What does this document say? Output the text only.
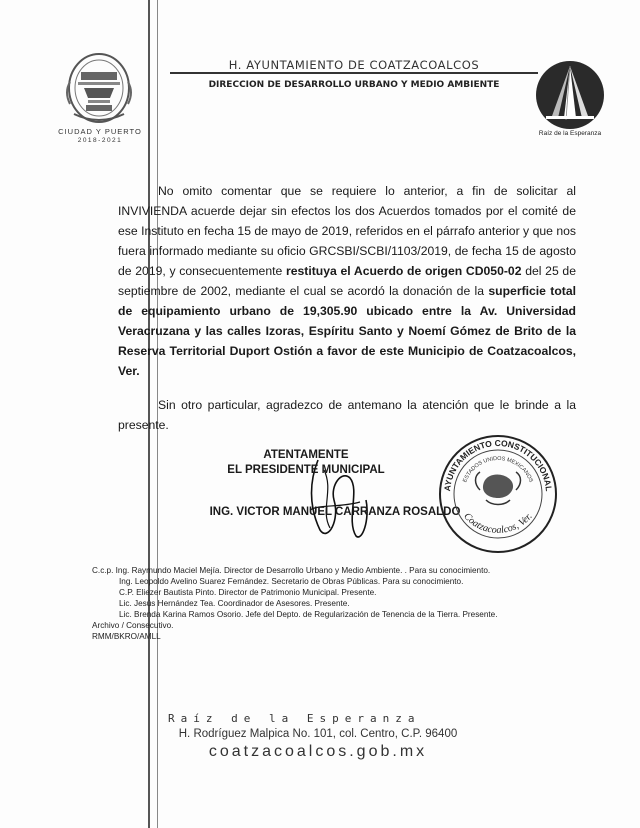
CIUDAD Y PUERTO
2018-2021
H. AYUNTAMIENTO DE COATZACOALCOS
DIRECCION DE DESARROLLO URBANO Y MEDIO AMBIENTE
Raíz de la Esperanza

No omito comentar que se requiere lo anterior, a fin de solicitar al INVIVIENDA acuerde dejar sin efectos los dos Acuerdos tomados por el comité de ese Instituto en fecha 15 de mayo de 2019, referidos en el párrafo anterior y que nos fuera informado mediante su oficio GRCSBI/SCBI/1103/2019, de fecha 15 de agosto de 2019, y consecuentemente restituya el Acuerdo de origen CD050-02 del 25 de septiembre de 2002, mediante el cual se acordó la donación de la superficie total de equipamiento urbano de 19,305.90 ubicado entre la Av. Universidad Veracruzana y las calles Izoras, Espíritu Santo y Noemí Gómez de Brito de la Reserva Territorial Duport Ostión a favor de este Municipio de Coatzacoalcos, Ver.

Sin otro particular, agradezco de antemano la atención que le brinde a la presente.

ATENTAMENTE
EL PRESIDENTE MUNICIPAL
ING. VICTOR MANUEL CARRANZA ROSALDO
AYUNTAMIENTO CONSTITUCIONAL
ESTADOS UNIDOS MEXICANOS
Coatzacoalcos, Ver.
C.c.p. Ing. Raymundo Maciel Mejía. Director de Desarrollo Urbano y Medio Ambiente. . Para su conocimiento.
Ing. Leopoldo Avelino Suarez Fernández. Secretario de Obras Públicas. Para su conocimiento.
C.P. Eliezer Bautista Pinto. Director de Patrimonio Municipal. Presente.
Lic. Jesús Hernández Tea. Coordinador de Asesores. Presente.
Lic. Brenda Karina Ramos Osorio. Jefe del Depto. de Regularización de Tenencia de la Tierra. Presente.
Archivo / Consecutivo.
RMM/BKRO/AMLL
Raíz de la Esperanza
H. Rodríguez Malpica No. 101, col. Centro, C.P. 96400
coatzacoalcos.gob.mx
